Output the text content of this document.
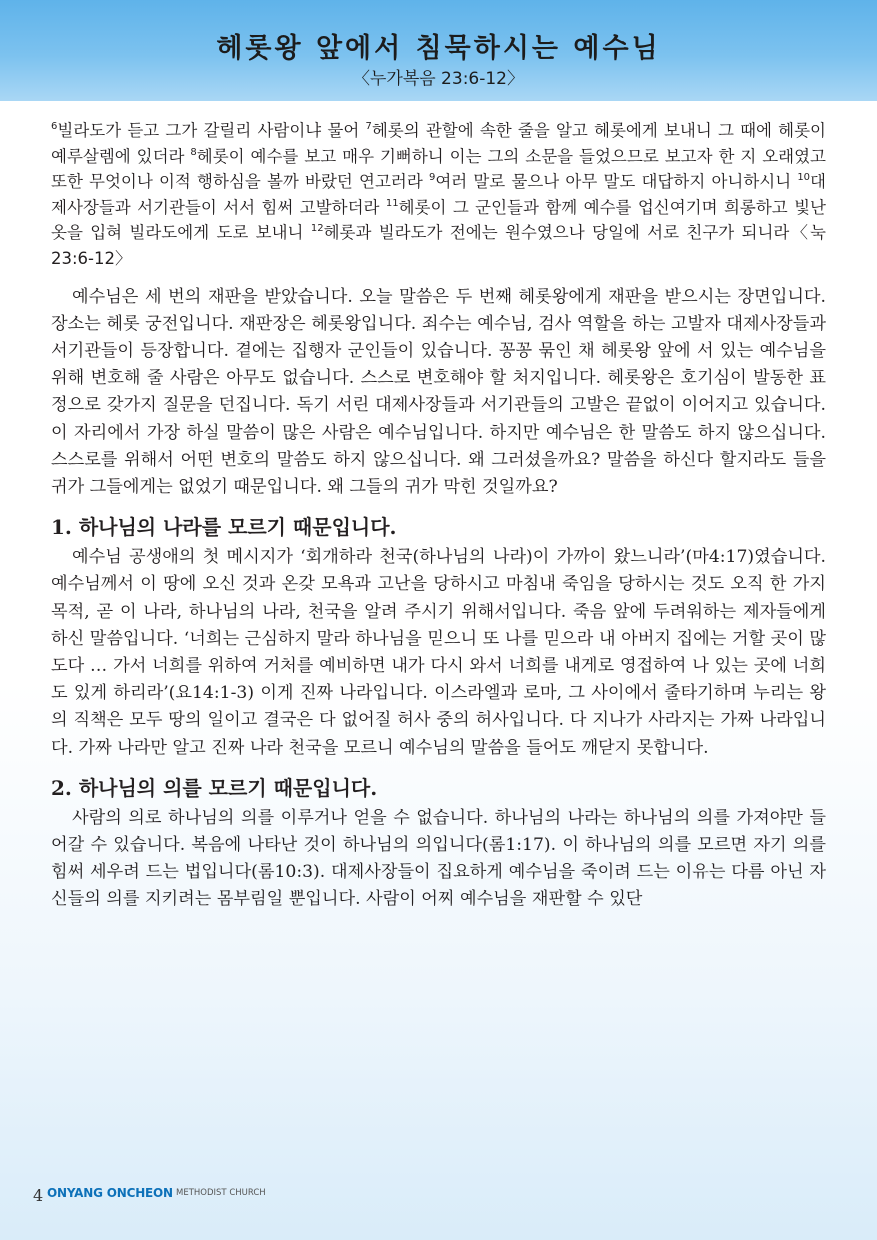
헤롯왕 앞에서 침묵하시는 예수님
〈누가복음 23:6-12〉

$^6$빌라도가 듣고 그가 갈릴리 사람이냐 물어 $^7$헤롯의 관할에 속한 줄을 알고 헤롯에게 보내니 그 때에 헤롯이 예루살렘에 있더라 $^8$헤롯이 예수를 보고 매우 기뻐하니 이는 그의 소문을 들었으므로 보고자 한 지 오래였고 또한 무엇이나 이적 행하심을 볼까 바랐던 연고러라 $^9$여러 말로 물으나 아무 말도 대답하지 아니하시니 $^{10}$대제사장들과 서기관들이 서서 힘써 고발하더라 $^{11}$헤롯이 그 군인들과 함께 예수를 업신여기며 희롱하고 빛난 옷을 입혀 빌라도에게 도로 보내니 $^{12}$헤롯과 빌라도가 전에는 원수였으나 당일에 서로 친구가 되니라〈눅23:6-12〉

예수님은 세 번의 재판을 받았습니다. 오늘 말씀은 두 번째 헤롯왕에게 재판을 받으시는 장면입니다. 장소는 헤롯 궁전입니다. 재판장은 헤롯왕입니다. 죄수는 예수님, 검사 역할을 하는 고발자 대제사장들과 서기관들이 등장합니다. 곁에는 집행자 군인들이 있습니다. 꽁꽁 묶인 채 헤롯왕 앞에 서 있는 예수님을 위해 변호해 줄 사람은 아무도 없습니다. 스스로 변호해야 할 처지입니다. 헤롯왕은 호기심이 발동한 표정으로 갖가지 질문을 던집니다. 독기 서린 대제사장들과 서기관들의 고발은 끝없이 이어지고 있습니다. 이 자리에서 가장 하실 말씀이 많은 사람은 예수님입니다. 하지만 예수님은 한 말씀도 하지 않으십니다. 스스로를 위해서 어떤 변호의 말씀도 하지 않으십니다. 왜 그러셨을까요? 말씀을 하신다 할지라도 들을 귀가 그들에게는 없었기 때문입니다. 왜 그들의 귀가 막힌 것일까요?

1. 하나님의 나라를 모르기 때문입니다.

예수님 공생애의 첫 메시지가 ‘회개하라 천국(하나님의 나라)이 가까이 왔느니라’(마4:17)였습니다. 예수님께서 이 땅에 오신 것과 온갖 모욕과 고난을 당하시고 마침내 죽임을 당하시는 것도 오직 한 가지 목적, 곧 이 나라, 하나님의 나라, 천국을 알려 주시기 위해서입니다. 죽음 앞에 두려워하는 제자들에게 하신 말씀입니다. ‘너희는 근심하지 말라 하나님을 믿으니 또 나를 믿으라 내 아버지 집에는 거할 곳이 많도다 … 가서 너희를 위하여 거처를 예비하면 내가 다시 와서 너희를 내게로 영접하여 나 있는 곳에 너희도 있게 하리라’(요14:1-3) 이게 진짜 나라입니다. 이스라엘과 로마, 그 사이에서 줄타기하며 누리는 왕의 직책은 모두 땅의 일이고 결국은 다 없어질 허사 중의 허사입니다. 다 지나가 사라지는 가짜 나라입니다. 가짜 나라만 알고 진짜 나라 천국을 모르니 예수님의 말씀을 들어도 깨닫지 못합니다.

2. 하나님의 의를 모르기 때문입니다.

사람의 의로 하나님의 의를 이루거나 얻을 수 없습니다. 하나님의 나라는 하나님의 의를 가져야만 들어갈 수 있습니다. 복음에 나타난 것이 하나님의 의입니다(롬1:17). 이 하나님의 의를 모르면 자기 의를 힘써 세우려 드는 법입니다(롬10:3). 대제사장들이 집요하게 예수님을 죽이려 드는 이유는 다름 아닌 자신들의 의를 지키려는 몸부림일 뿐입니다. 사람이 어찌 예수님을 재판할 수 있단

4 ONYANG ONCHEON METHODIST CHURCH
